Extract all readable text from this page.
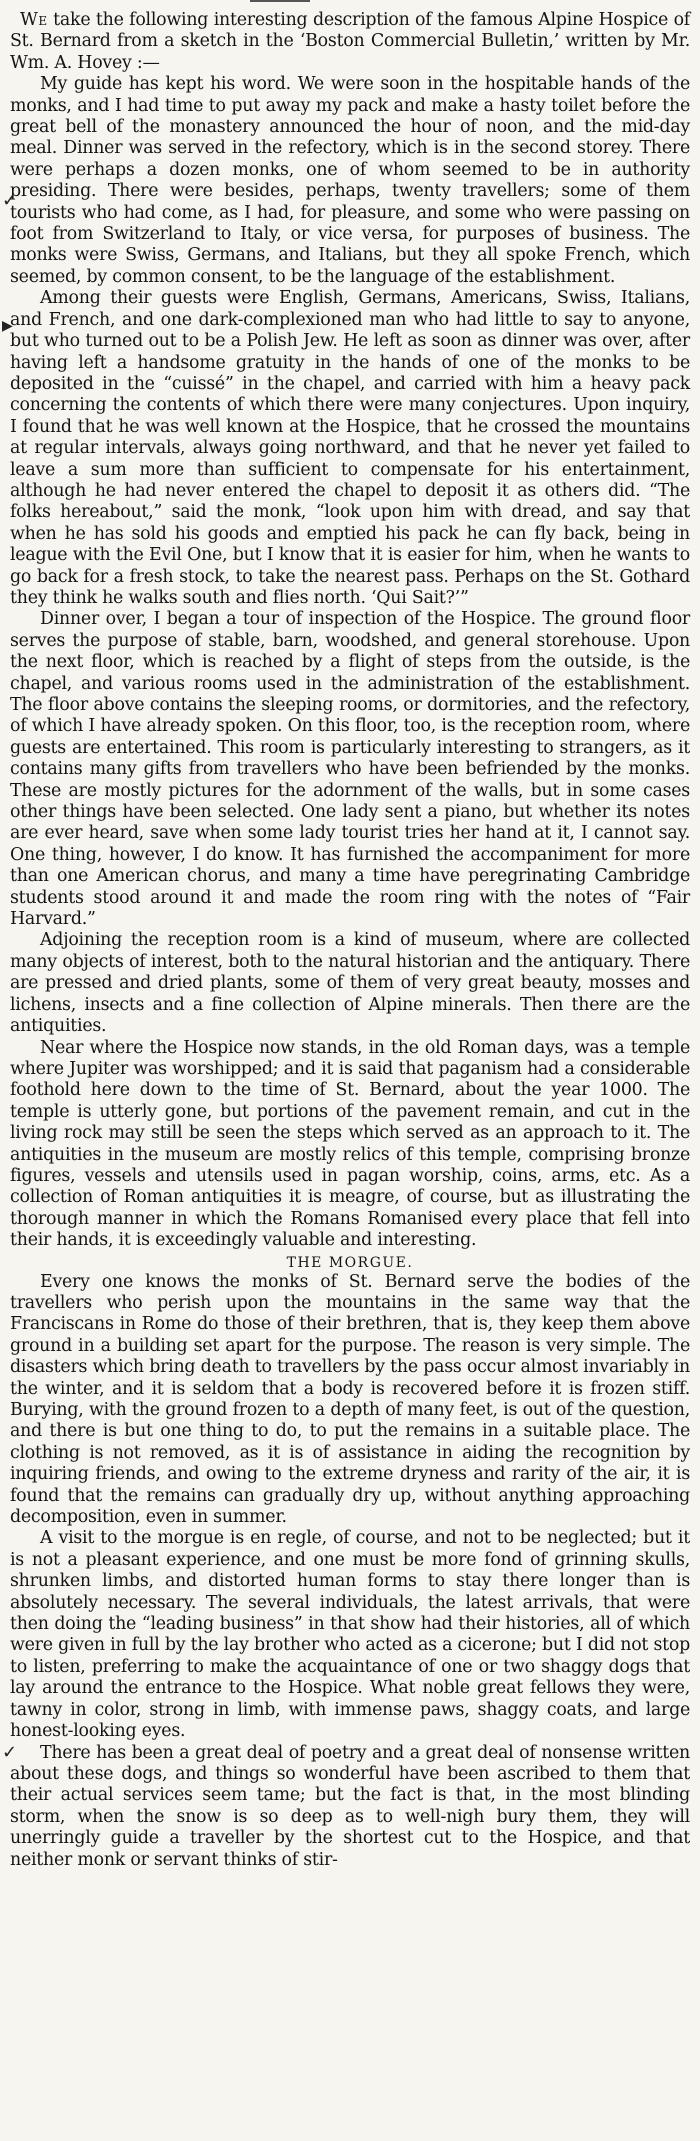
✓
▶
✓

We take the following interesting description of the famous Alpine Hospice of St. Bernard from a sketch in the ‘Boston Commercial Bulletin,’ written by Mr. Wm. A. Hovey :—

My guide has kept his word. We were soon in the hospitable hands of the monks, and I had time to put away my pack and make a hasty toilet before the great bell of the monastery announced the hour of noon, and the mid-day meal. Dinner was served in the refectory, which is in the second storey. There were perhaps a dozen monks, one of whom seemed to be in authority presiding. There were besides, perhaps, twenty travellers; some of them tourists who had come, as I had, for pleasure, and some who were passing on foot from Switzerland to Italy, or vice versa, for purposes of business. The monks were Swiss, Germans, and Italians, but they all spoke French, which seemed, by common consent, to be the language of the establishment.

Among their guests were English, Germans, Americans, Swiss, Italians, and French, and one dark-complexioned man who had little to say to anyone, but who turned out to be a Polish Jew. He left as soon as dinner was over, after having left a handsome gratuity in the hands of one of the monks to be deposited in the “cuissé” in the chapel, and carried with him a heavy pack concerning the contents of which there were many conjectures. Upon inquiry, I found that he was well known at the Hospice, that he crossed the mountains at regular intervals, always going northward, and that he never yet failed to leave a sum more than sufficient to compensate for his entertainment, although he had never entered the chapel to deposit it as others did. “The folks hereabout,” said the monk, “look upon him with dread, and say that when he has sold his goods and emptied his pack he can fly back, being in league with the Evil One, but I know that it is easier for him, when he wants to go back for a fresh stock, to take the nearest pass. Perhaps on the St. Gothard they think he walks south and flies north. ‘Qui Sait?’”

Dinner over, I began a tour of inspection of the Hospice. The ground floor serves the purpose of stable, barn, woodshed, and general storehouse. Upon the next floor, which is reached by a flight of steps from the outside, is the chapel, and various rooms used in the administration of the establishment. The floor above contains the sleeping rooms, or dormitories, and the refectory, of which I have already spoken. On this floor, too, is the reception room, where guests are entertained. This room is particularly interesting to strangers, as it contains many gifts from travellers who have been befriended by the monks. These are mostly pictures for the adornment of the walls, but in some cases other things have been selected. One lady sent a piano, but whether its notes are ever heard, save when some lady tourist tries her hand at it, I cannot say. One thing, however, I do know. It has furnished the accompaniment for more than one American chorus, and many a time have peregrinating Cambridge students stood around it and made the room ring with the notes of “Fair Harvard.”

Adjoining the reception room is a kind of museum, where are collected many objects of interest, both to the natural historian and the antiquary. There are pressed and dried plants, some of them of very great beauty, mosses and lichens, insects and a fine collection of Alpine minerals. Then there are the antiquities.

Near where the Hospice now stands, in the old Roman days, was a temple where Jupiter was worshipped; and it is said that paganism had a considerable foothold here down to the time of St. Bernard, about the year 1000. The temple is utterly gone, but portions of the pavement remain, and cut in the living rock may still be seen the steps which served as an approach to it. The antiquities in the museum are mostly relics of this temple, comprising bronze figures, vessels and utensils used in pagan worship, coins, arms, etc. As a collection of Roman antiquities it is meagre, of course, but as illustrating the thorough manner in which the Romans Romanised every place that fell into their hands, it is exceedingly valuable and interesting.

THE MORGUE.

Every one knows the monks of St. Bernard serve the bodies of the travellers who perish upon the mountains in the same way that the Franciscans in Rome do those of their brethren, that is, they keep them above ground in a building set apart for the purpose. The reason is very simple. The disasters which bring death to travellers by the pass occur almost invariably in the winter, and it is seldom that a body is recovered before it is frozen stiff. Burying, with the ground frozen to a depth of many feet, is out of the question, and there is but one thing to do, to put the remains in a suitable place. The clothing is not removed, as it is of assistance in aiding the recognition by inquiring friends, and owing to the extreme dryness and rarity of the air, it is found that the remains can gradually dry up, without anything approaching decomposition, even in summer.

A visit to the morgue is en regle, of course, and not to be neglected; but it is not a pleasant experience, and one must be more fond of grinning skulls, shrunken limbs, and distorted human forms to stay there longer than is absolutely necessary. The several individuals, the latest arrivals, that were then doing the “leading business” in that show had their histories, all of which were given in full by the lay brother who acted as a cicerone; but I did not stop to listen, preferring to make the acquaintance of one or two shaggy dogs that lay around the entrance to the Hospice. What noble great fellows they were, tawny in color, strong in limb, with immense paws, shaggy coats, and large honest-looking eyes.

There has been a great deal of poetry and a great deal of nonsense written about these dogs, and things so wonderful have been ascribed to them that their actual services seem tame; but the fact is that, in the most blinding storm, when the snow is so deep as to well-nigh bury them, they will unerringly guide a traveller by the shortest cut to the Hospice, and that neither monk or servant thinks of stir-
